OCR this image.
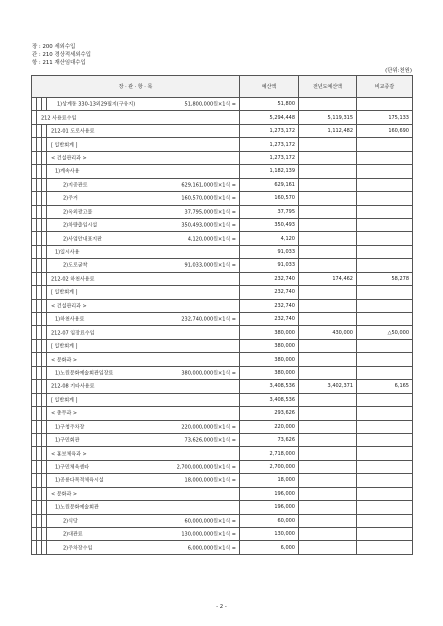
장 : 200 세외수입
관 : 210 경상적세외수입
항 : 211 재산임대수입
(단위:천원)
장 · 관 · 항 · 목				예산액	전년도예산액	비교증감

			1)상계동 330-13외29필지(구유지) 51,800,000원×1식 =	51,800		

	212 사용료수입			5,294,448	5,119,315	175,133

			212-01 도로사용료	1,273,172	1,112,482	160,690

			[ 일반회계 ]	1,273,172		

			< 건설관리과 >	1,273,172		

			1)계속사용	1,182,139		

			2)지중관로 629,161,000원×1식 =	629,161		

			2)주거 160,570,000원×1식 =	160,570		

			2)옥외광고물 37,795,000원×1식 =	37,795		

			2)차량출입시설 350,493,000원×1식 =	350,493		

			2)사업안내표지판 4,120,000원×1식 =	4,120		

			1)일시사용	91,033		

			2)도로굴착 91,033,000원×1식 =	91,033		

			212-02 하천사용료	232,740	174,462	58,278

			[ 일반회계 ]	232,740		

			< 건설관리과 >	232,740		

			1)하천사용료 232,740,000원×1식 =	232,740		

			212-07 입장료수입	380,000	430,000	△50,000

			[ 일반회계 ]	380,000		

			< 문화과 >	380,000		

			1)노원문화예술회관입장료 380,000,000원×1식 =	380,000		

			212-08 기타사용료	3,408,536	3,402,371	6,165

			[ 일반회계 ]	3,408,536		

			< 총무과 >	293,626		

			1)구청주차장 220,000,000원×1식 =	220,000		

			1)구민회관 73,626,000원×1식 =	73,626		

			< 홍보체육과 >	2,718,000		

			1)구민체육센타 2,700,000,000원×1식 =	2,700,000		

			1)공릉다목적체육시설 18,000,000원×1식 =	18,000		

			< 문화과 >	196,000		

			1)노원문화예술회관	196,000		

			2)식당 60,000,000원×1식 =	60,000		

			2)대관료 130,000,000원×1식 =	130,000		

			2)주차장수입 6,000,000원×1식 =	6,000		
- 2 -
